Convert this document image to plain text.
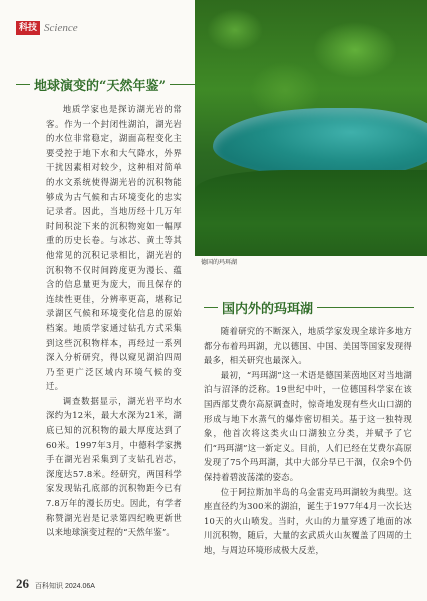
科技 Science
德国的玛珥湖
地球演变的“天然年鉴”

地质学家也是探访湖光岩的常客。作为一个封闭性湖泊，湖光岩的水位非常稳定，湖面高程变化主要受控于地下水和大气降水，外界干扰因素相对较少，这种相对简单的水文系统使得湖光岩的沉积物能够成为古气候和古环境变化的忠实记录者。因此，当地历经十几万年时间积淀下来的沉积物宛如一幅厚重的历史长卷。与冰芯、黄土等其他常见的沉积记录相比，湖光岩的沉积物不仅时间跨度更为漫长、蕴含的信息量更为庞大，而且保存的连续性更佳，分辨率更高，堪称记录湖区气候和环境变化信息的原始档案。地质学家通过钻孔方式采集到这些沉积物样本，再经过一系列深入分析研究，得以窥见湖泊四周乃至更广泛区域内环境气候的变迁。

调查数据显示，湖光岩平均水深约为12米，最大水深为21米，湖底已知的沉积物的最大厚度达到了60米。1997年3月，中德科学家携手在湖光岩采集到了支钻孔岩芯，深度达57.8米。经研究，两国科学家发现钻孔底部的沉积物距今已有7.8万年的漫长历史。因此，有学者称赞湖光岩是记录第四纪晚更新世以来地球演变过程的“天然年鉴”。

国内外的玛珥湖

随着研究的不断深入，地质学家发现全球许多地方都分布着玛珥湖，尤以德国、中国、美国等国家发现得最多，相关研究也最深入。

最初，“玛珥湖”这一术语是德国莱茵地区对当地湖泊与沼泽的泛称。19世纪中叶，一位德国科学家在该国西部艾费尔高原调查时，惊奇地发现有些火山口湖的形成与地下水蒸气的爆炸密切相关。基于这一独特现象，他首次将这类火山口湖独立分类，并赋予了它们“玛珥湖”这一新定义。目前，人们已经在艾费尔高原发现了75个玛珥湖，其中大部分早已干涸，仅余9个仍保持着碧波荡漾的姿态。

位于阿拉斯加半岛的乌金雷克玛珥湖较为典型。这座直径约为300米的湖泊，诞生于1977年4月一次长达10天的火山喷发。当时，火山的力量穿透了地面的冰川沉积物，随后，大量的玄武质火山灰覆盖了四周的土地，与周边环境形成极大反差，

26 百科知识 2024.06A
